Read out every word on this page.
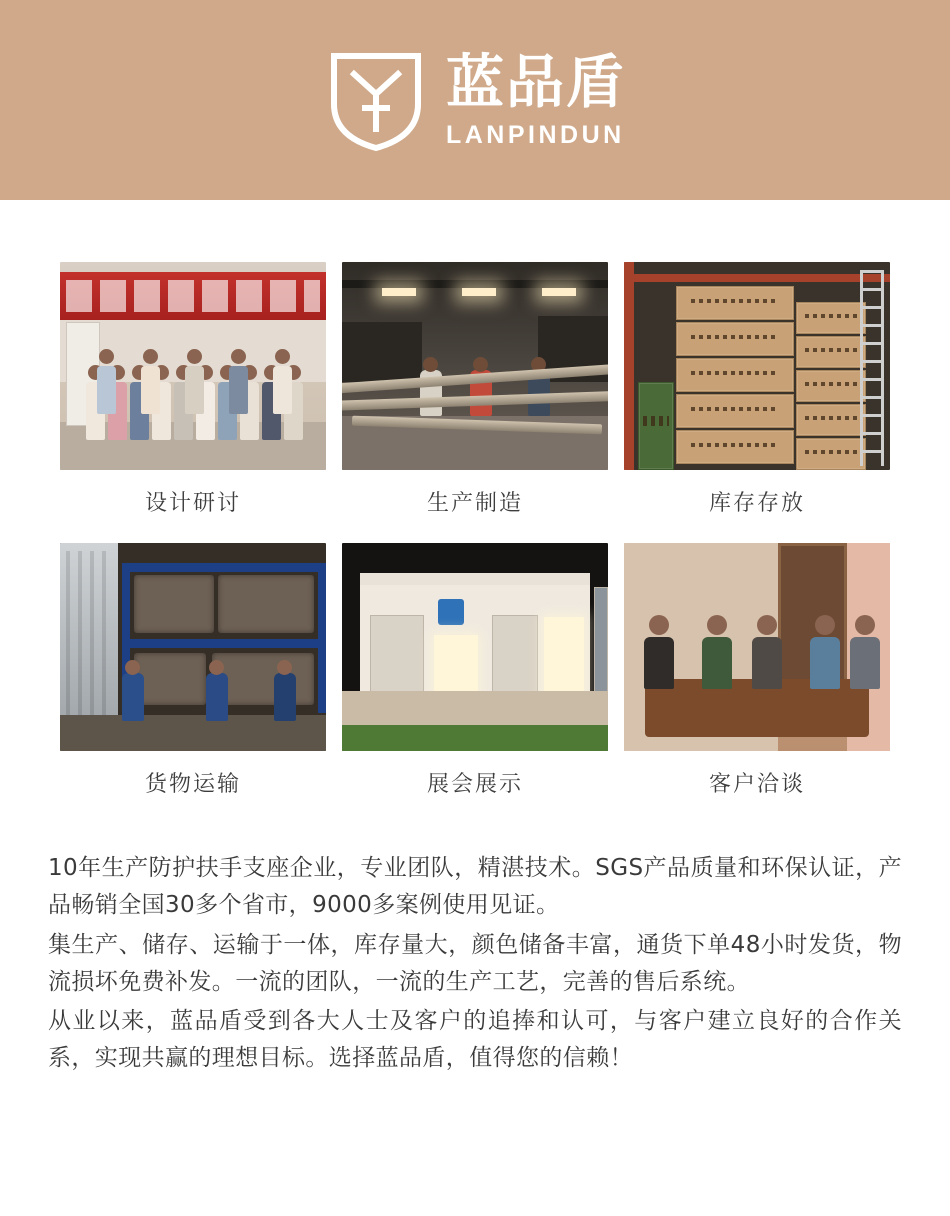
蓝品盾
LANPINDUN
设计研讨	生产制造	库存存放
货物运输	展会展示	客户洽谈

10年生产防护扶手支座企业，专业团队，精湛技术。SGS产品质量和环保认证，产品畅销全国30多个省市，9000多案例使用见证。

集生产、储存、运输于一体，库存量大，颜色储备丰富，通货下单48小时发货，物流损坏免费补发。一流的团队，一流的生产工艺，完善的售后系统。

从业以来，蓝品盾受到各大人士及客户的追捧和认可，与客户建立良好的合作关系，实现共赢的理想目标。选择蓝品盾，值得您的信赖！
